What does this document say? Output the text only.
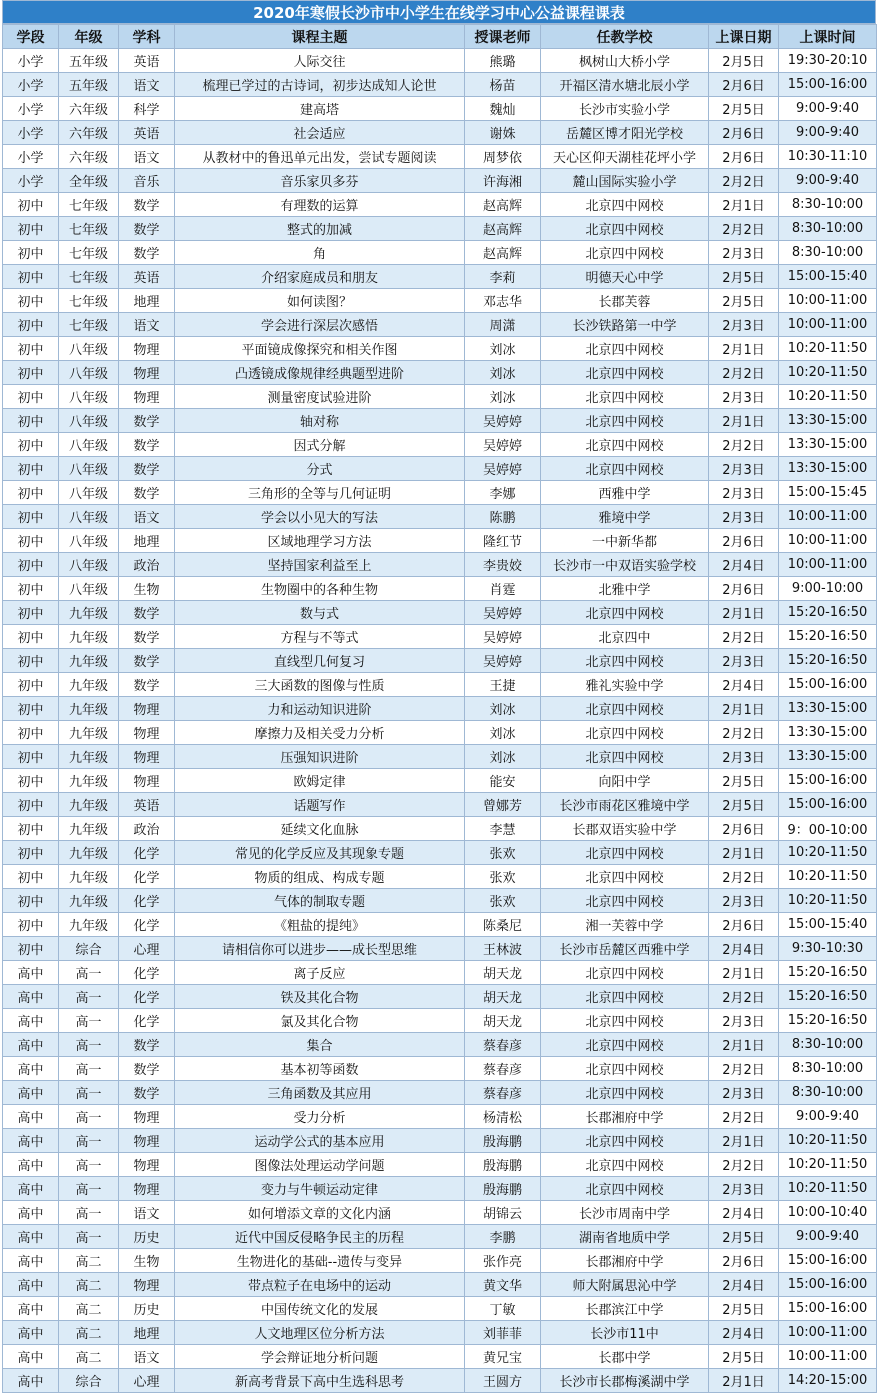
2020年寒假长沙市中小学生在线学习中心公益课程课表
学段	年级	学科	课程主题	授课老师	任教学校	上课日期	上课时间
小学	五年级	英语	人际交往	熊璐	枫树山大桥小学	2月5日	19:30-20:10
小学	五年级	语文	梳理已学过的古诗词，初步达成知人论世	杨苗	开福区清水塘北辰小学	2月6日	15:00-16:00
小学	六年级	科学	建高塔	魏灿	长沙市实验小学	2月5日	9:00-9:40
小学	六年级	英语	社会适应	谢姝	岳麓区博才阳光学校	2月6日	9:00-9:40
小学	六年级	语文	从教材中的鲁迅单元出发，尝试专题阅读	周梦依	天心区仰天湖桂花坪小学	2月6日	10:30-11:10
小学	全年级	音乐	音乐家贝多芬	许海湘	麓山国际实验小学	2月2日	9:00-9:40
初中	七年级	数学	有理数的运算	赵高辉	北京四中网校	2月1日	8:30-10:00
初中	七年级	数学	整式的加减	赵高辉	北京四中网校	2月2日	8:30-10:00
初中	七年级	数学	角	赵高辉	北京四中网校	2月3日	8:30-10:00
初中	七年级	英语	介绍家庭成员和朋友	李莉	明德天心中学	2月5日	15:00-15:40
初中	七年级	地理	如何读图？	邓志华	长郡芙蓉	2月5日	10:00-11:00
初中	七年级	语文	学会进行深层次感悟	周潇	长沙铁路第一中学	2月3日	10:00-11:00
初中	八年级	物理	平面镜成像探究和相关作图	刘冰	北京四中网校	2月1日	10:20-11:50
初中	八年级	物理	凸透镜成像规律经典题型进阶	刘冰	北京四中网校	2月2日	10:20-11:50
初中	八年级	物理	测量密度试验进阶	刘冰	北京四中网校	2月3日	10:20-11:50
初中	八年级	数学	轴对称	吴婷婷	北京四中网校	2月1日	13:30-15:00
初中	八年级	数学	因式分解	吴婷婷	北京四中网校	2月2日	13:30-15:00
初中	八年级	数学	分式	吴婷婷	北京四中网校	2月3日	13:30-15:00
初中	八年级	数学	三角形的全等与几何证明	李娜	西雅中学	2月3日	15:00-15:45
初中	八年级	语文	学会以小见大的写法	陈鹏	雅境中学	2月3日	10:00-11:00
初中	八年级	地理	区域地理学习方法	隆红节	一中新华都	2月6日	10:00-11:00
初中	八年级	政治	坚持国家利益至上	李贵姣	长沙市一中双语实验学校	2月4日	10:00-11:00
初中	八年级	生物	生物圈中的各种生物	肖霆	北雅中学	2月6日	9:00-10:00
初中	九年级	数学	数与式	吴婷婷	北京四中网校	2月1日	15:20-16:50
初中	九年级	数学	方程与不等式	吴婷婷	北京四中	2月2日	15:20-16:50
初中	九年级	数学	直线型几何复习	吴婷婷	北京四中网校	2月3日	15:20-16:50
初中	九年级	数学	三大函数的图像与性质	王捷	雅礼实验中学	2月4日	15:00-16:00
初中	九年级	物理	力和运动知识进阶	刘冰	北京四中网校	2月1日	13:30-15:00
初中	九年级	物理	摩擦力及相关受力分析	刘冰	北京四中网校	2月2日	13:30-15:00
初中	九年级	物理	压强知识进阶	刘冰	北京四中网校	2月3日	13:30-15:00
初中	九年级	物理	欧姆定律	能安	向阳中学	2月5日	15:00-16:00
初中	九年级	英语	话题写作	曾娜芳	长沙市雨花区雅境中学	2月5日	15:00-16:00
初中	九年级	政治	延续文化血脉	李慧	长郡双语实验中学	2月6日	9：00-10:00
初中	九年级	化学	常见的化学反应及其现象专题	张欢	北京四中网校	2月1日	10:20-11:50
初中	九年级	化学	物质的组成、构成专题	张欢	北京四中网校	2月2日	10:20-11:50
初中	九年级	化学	气体的制取专题	张欢	北京四中网校	2月3日	10:20-11:50
初中	九年级	化学	《粗盐的提纯》	陈桑尼	湘一芙蓉中学	2月6日	15:00-15:40
初中	综合	心理	请相信你可以进步——成长型思维	王林波	长沙市岳麓区西雅中学	2月4日	9:30-10:30
高中	高一	化学	离子反应	胡天龙	北京四中网校	2月1日	15:20-16:50
高中	高一	化学	铁及其化合物	胡天龙	北京四中网校	2月2日	15:20-16:50
高中	高一	化学	氯及其化合物	胡天龙	北京四中网校	2月3日	15:20-16:50
高中	高一	数学	集合	蔡春彦	北京四中网校	2月1日	8:30-10:00
高中	高一	数学	基本初等函数	蔡春彦	北京四中网校	2月2日	8:30-10:00
高中	高一	数学	三角函数及其应用	蔡春彦	北京四中网校	2月3日	8:30-10:00
高中	高一	物理	受力分析	杨清松	长郡湘府中学	2月2日	9:00-9:40
高中	高一	物理	运动学公式的基本应用	殷海鹏	北京四中网校	2月1日	10:20-11:50
高中	高一	物理	图像法处理运动学问题	殷海鹏	北京四中网校	2月2日	10:20-11:50
高中	高一	物理	变力与牛顿运动定律	殷海鹏	北京四中网校	2月3日	10:20-11:50
高中	高一	语文	如何增添文章的文化内涵	胡锦云	长沙市周南中学	2月4日	10:00-10:40
高中	高一	历史	近代中国反侵略争民主的历程	李鹏	湖南省地质中学	2月5日	9:00-9:40
高中	高二	生物	生物进化的基础--遗传与变异	张作亮	长郡湘府中学	2月6日	15:00-16:00
高中	高二	物理	带点粒子在电场中的运动	黄文华	师大附属思沁中学	2月4日	15:00-16:00
高中	高二	历史	中国传统文化的发展	丁敏	长郡滨江中学	2月5日	15:00-16:00
高中	高二	地理	人文地理区位分析方法	刘菲菲	长沙市11中	2月4日	10:00-11:00
高中	高二	语文	学会辩证地分析问题	黄兄宝	长郡中学	2月5日	10:00-11:00
高中	综合	心理	新高考背景下高中生选科思考	王圆方	长沙市长郡梅溪湖中学	2月1日	14:20-15:00
